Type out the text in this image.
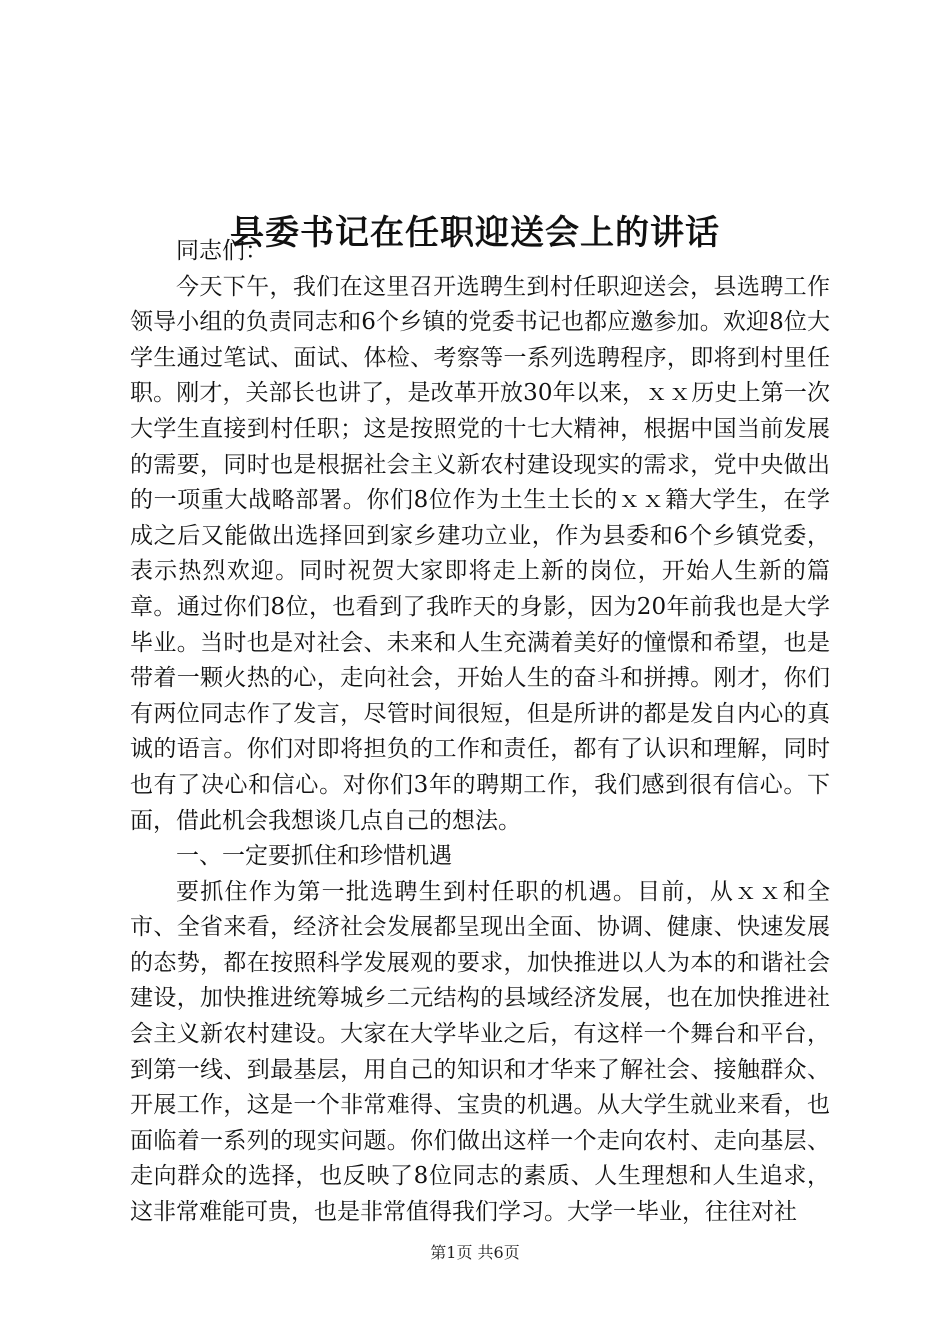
县委书记在任职迎送会上的讲话

同志们：

今天下午，我们在这里召开选聘生到村任职迎送会，县选聘工作领导小组的负责同志和6个乡镇的党委书记也都应邀参加。欢迎8位大学生通过笔试、面试、体检、考察等一系列选聘程序，即将到村里任职。刚才，关部长也讲了，是改革开放30年以来，ｘｘ历史上第一次大学生直接到村任职；这是按照党的十七大精神，根据中国当前发展的需要，同时也是根据社会主义新农村建设现实的需求，党中央做出的一项重大战略部署。你们8位作为土生土长的ｘｘ籍大学生，在学成之后又能做出选择回到家乡建功立业，作为县委和6个乡镇党委，表示热烈欢迎。同时祝贺大家即将走上新的岗位，开始人生新的篇章。通过你们8位，也看到了我昨天的身影，因为20年前我也是大学毕业。当时也是对社会、未来和人生充满着美好的憧憬和希望，也是带着一颗火热的心，走向社会，开始人生的奋斗和拼搏。刚才，你们有两位同志作了发言，尽管时间很短，但是所讲的都是发自内心的真诚的语言。你们对即将担负的工作和责任，都有了认识和理解，同时也有了决心和信心。对你们3年的聘期工作，我们感到很有信心。下面，借此机会我想谈几点自己的想法。

一、一定要抓住和珍惜机遇

要抓住作为第一批选聘生到村任职的机遇。目前，从ｘｘ和全市、全省来看，经济社会发展都呈现出全面、协调、健康、快速发展的态势，都在按照科学发展观的要求，加快推进以人为本的和谐社会建设，加快推进统筹城乡二元结构的县域经济发展，也在加快推进社会主义新农村建设。大家在大学毕业之后，有这样一个舞台和平台，到第一线、到最基层，用自己的知识和才华来了解社会、接触群众、开展工作，这是一个非常难得、宝贵的机遇。从大学生就业来看，也面临着一系列的现实问题。你们做出这样一个走向农村、走向基层、走向群众的选择，也反映了8位同志的素质、人生理想和人生追求，这非常难能可贵，也是非常值得我们学习。大学一毕业，往往对社

第1页 共6页
